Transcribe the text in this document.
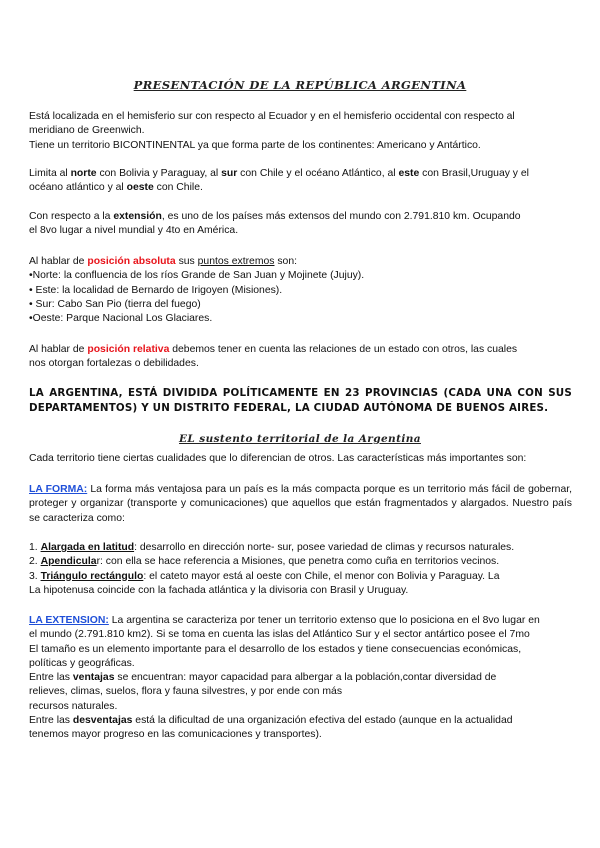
PRESENTACIÓN DE LA REPÚBLICA ARGENTINA
Está localizada en el hemisferio sur con respecto al Ecuador y en el hemisferio occidental con respecto al
meridiano de Greenwich.
Tiene un territorio BICONTINENTAL ya que forma parte de los continentes: Americano y Antártico.
Limita al norte con Bolivia y Paraguay, al sur con Chile y el océano Atlántico, al este con Brasil,Uruguay y el
océano atlántico y al oeste con Chile.
Con respecto a la extensión, es uno de los países más extensos del mundo con 2.791.810 km. Ocupando
el 8vo lugar a nivel mundial y 4to en América.
Al hablar de posición absoluta sus puntos extremos son:
•Norte: la confluencia de los ríos Grande de San Juan y Mojinete (Jujuy).
• Este: la localidad de Bernardo de Irigoyen (Misiones).
• Sur: Cabo San Pio (tierra del fuego)
•Oeste: Parque Nacional Los Glaciares.
Al hablar de posición relativa debemos tener en cuenta las relaciones de un estado con otros, las cuales
nos otorgan fortalezas o debilidades.
LA ARGENTINA, ESTÁ DIVIDIDA POLÍTICAMENTE EN 23 PROVINCIAS (CADA UNA CON SUS DEPARTAMENTOS) Y UN DISTRITO FEDERAL, LA CIUDAD AUTÓNOMA DE BUENOS AIRES.
EL sustento territorial de la Argentina
Cada territorio tiene ciertas cualidades que lo diferencian de otros. Las características más importantes son:
LA FORMA: La forma más ventajosa para un país es la más compacta porque es un territorio más fácil de gobernar, proteger y organizar (transporte y comunicaciones) que aquellos que están fragmentados y alargados. Nuestro país se caracteriza como:
1. Alargada en latitud: desarrollo en dirección norte- sur, posee variedad de climas y recursos naturales.
2. Apendicular: con ella se hace referencia a Misiones, que penetra como cuña en territorios vecinos.
3. Triángulo rectángulo: el cateto mayor está al oeste con Chile, el menor con Bolivia y Paraguay. La
La hipotenusa coincide con la fachada atlántica y la divisoria con Brasil y Uruguay.
LA EXTENSION: La argentina se caracteriza por tener un territorio extenso que lo posiciona en el 8vo lugar en
el mundo (2.791.810 km2). Si se toma en cuenta las islas del Atlántico Sur y el sector antártico posee el 7mo
El tamaño es un elemento importante para el desarrollo de los estados y tiene consecuencias económicas,
políticas y geográficas.
Entre las ventajas se encuentran: mayor capacidad para albergar a la población,contar diversidad de
relieves, climas, suelos, flora y fauna silvestres, y por ende con más
recursos naturales.
Entre las desventajas está la dificultad de una organización efectiva del estado (aunque en la actualidad
tenemos mayor progreso en las comunicaciones y transportes).
